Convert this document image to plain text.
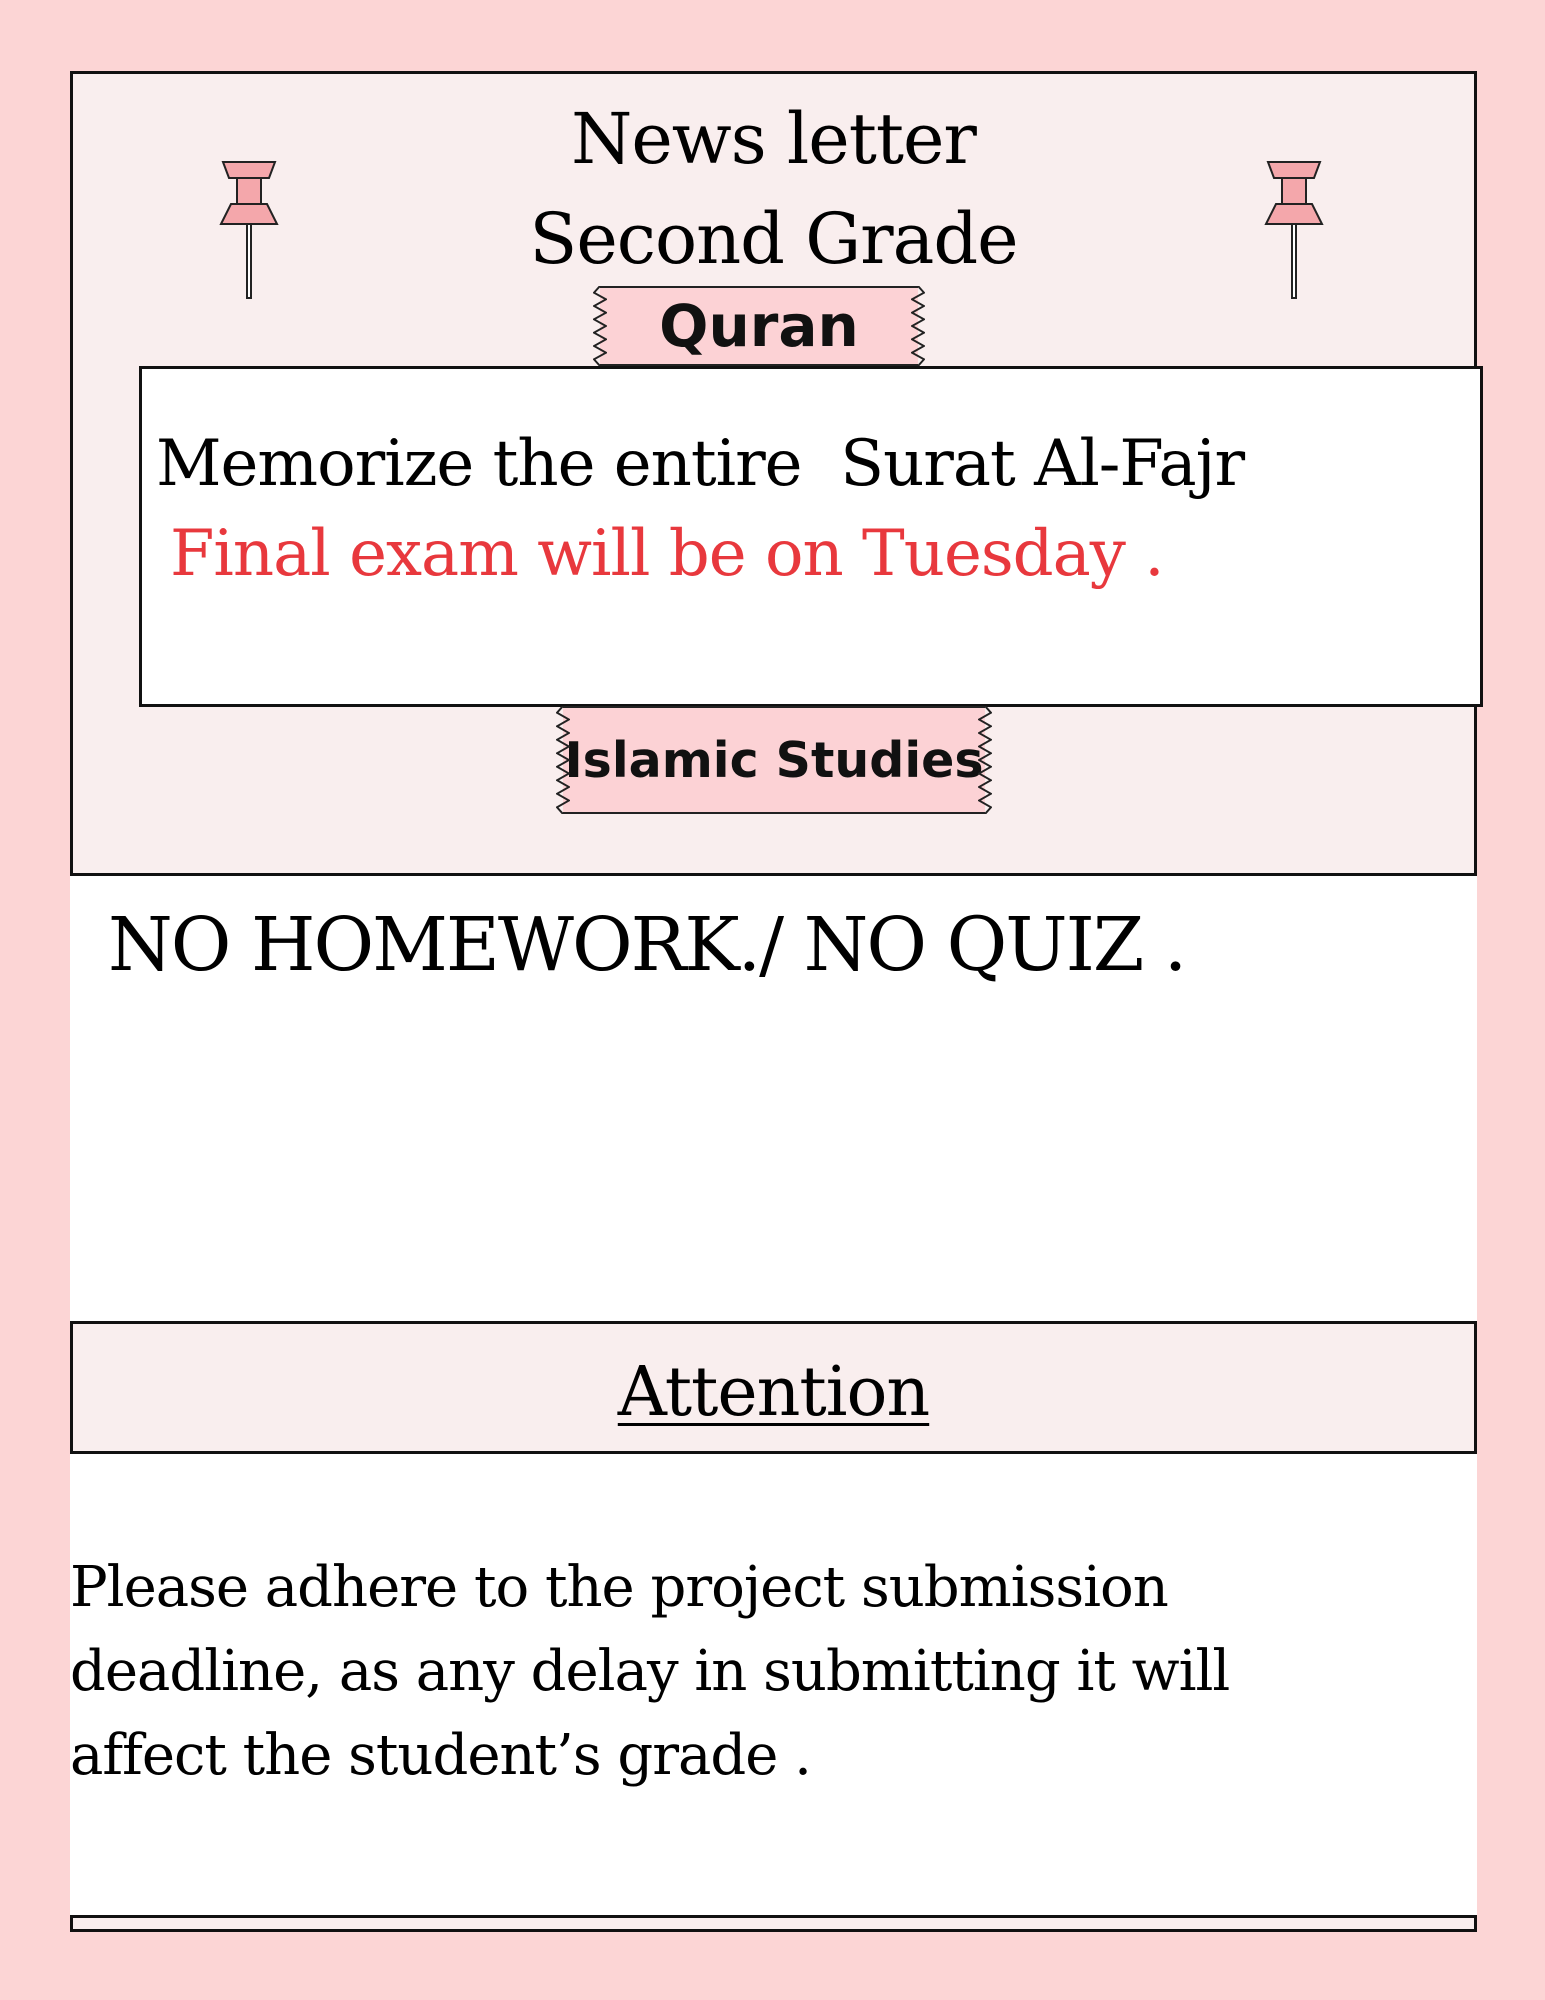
News letter
Second Grade
Quran
Memorize the entire  Surat Al-Fajr
Final exam will be on Tuesday .
Islamic Studies
NO HOMEWORK./ NO QUIZ .
Attention
Please adhere to the project submission
deadline, as any delay in submitting it will
affect the student’s grade .
